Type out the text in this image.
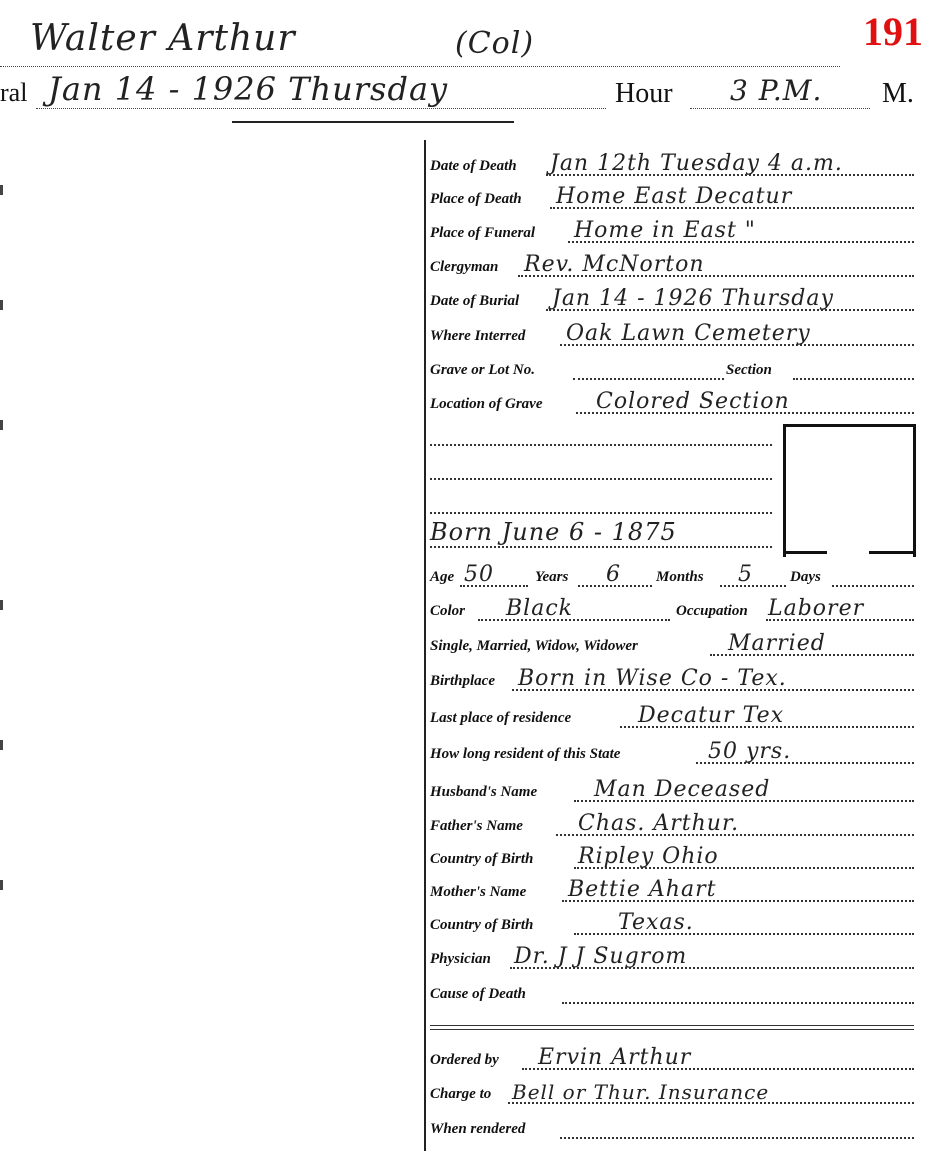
191
Walter Arthur	(Col)
ral Jan 14 - 1926 Thursday	Hour 3 P.M. M.
Date of Death Jan 12th Tuesday 4 a.m.
Place of Death Home East Decatur
Place of Funeral Home in East "
Clergyman Rev. McNorton
Date of Burial Jan 14 - 1926 Thursday
Where Interred Oak Lawn Cemetery
Grave or Lot No.	Section
Location of Grave Colored Section
Born June 6 - 1875
Age 50	Years 6 Months 5 Days
Color Black	Occupation Laborer
Single, Married, Widow, Widower	Married
Birthplace Born in Wise Co - Tex.
Last place of residence	Decatur Tex
How long resident of this State	50 yrs.
Husband's Name	Man Deceased
Father's Name	Chas. Arthur.
Country of Birth Ripley Ohio
Mother's Name Bettie Ahart
Country of Birth	Texas.
Physician Dr. J J Sugrom
Cause of Death
Ordered by Ervin Arthur
Charge to Bell or Thur. Insurance
When rendered
